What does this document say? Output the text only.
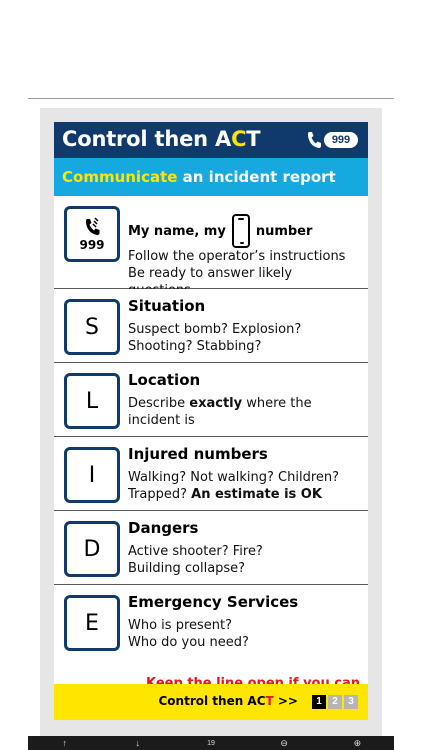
Control then ACT	999
Communicate an incident report
999
My name, my number
Follow the operator’s instructions
Be ready to answer likely
S
Situation
Suspect bomb? Explosion?
Shooting? Stabbing?
L
Location
Describe exactly where the
incident is
I
Injured numbers
Walking? Not walking? Children?
Trapped? An estimate is OK
D
Dangers
Active shooter? Fire?
Building collapse?
E
Emergency Services
Who is present?
Who do you need?
Control then ACT >>	1	2	3
↑	↓	19	⊖	⊕
